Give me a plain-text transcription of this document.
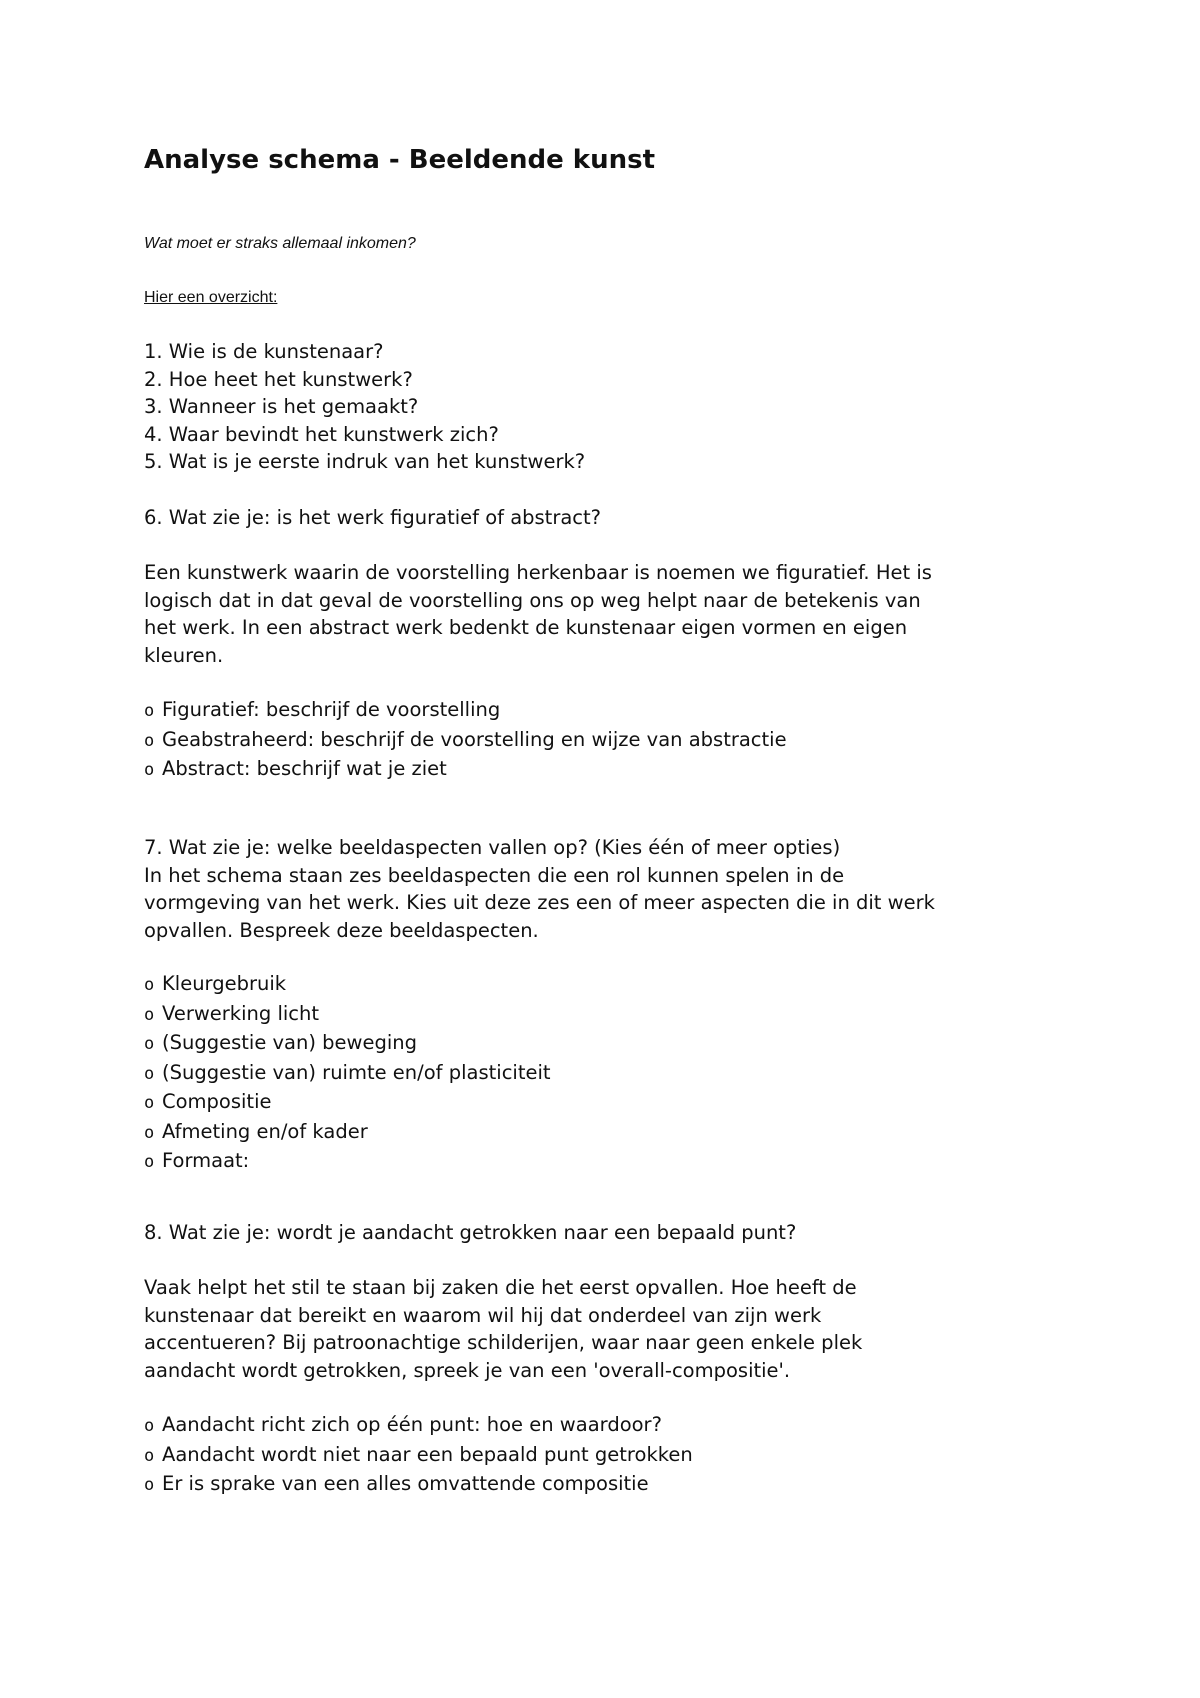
Analyse schema - Beeldende kunst

Wat moet er straks allemaal inkomen?

Hier een overzicht:

1. Wie is de kunstenaar?
2. Hoe heet het kunstwerk?
3. Wanneer is het gemaakt?
4. Waar bevindt het kunstwerk zich?
5. Wat is je eerste indruk van het kunstwerk?
6. Wat zie je: is het werk figuratief of abstract?
Een kunstwerk waarin de voorstelling herkenbaar is noemen we figuratief. Het is
logisch dat in dat geval de voorstelling ons op weg helpt naar de betekenis van
het werk. In een abstract werk bedenkt de kunstenaar eigen vormen en eigen
kleuren.
o Figuratief: beschrijf de voorstelling
o Geabstraheerd: beschrijf de voorstelling en wijze van abstractie
o Abstract: beschrijf wat je ziet
7. Wat zie je: welke beeldaspecten vallen op? (Kies één of meer opties)
In het schema staan zes beeldaspecten die een rol kunnen spelen in de
vormgeving van het werk. Kies uit deze zes een of meer aspecten die in dit werk
opvallen. Bespreek deze beeldaspecten.
o Kleurgebruik
o Verwerking licht
o (Suggestie van) beweging
o (Suggestie van) ruimte en/of plasticiteit
o Compositie
o Afmeting en/of kader
o Formaat:
8. Wat zie je: wordt je aandacht getrokken naar een bepaald punt?
Vaak helpt het stil te staan bij zaken die het eerst opvallen. Hoe heeft de
kunstenaar dat bereikt en waarom wil hij dat onderdeel van zijn werk
accentueren? Bij patroonachtige schilderijen, waar naar geen enkele plek
aandacht wordt getrokken, spreek je van een 'overall-compositie'.
o Aandacht richt zich op één punt: hoe en waardoor?
o Aandacht wordt niet naar een bepaald punt getrokken
o Er is sprake van een alles omvattende compositie
